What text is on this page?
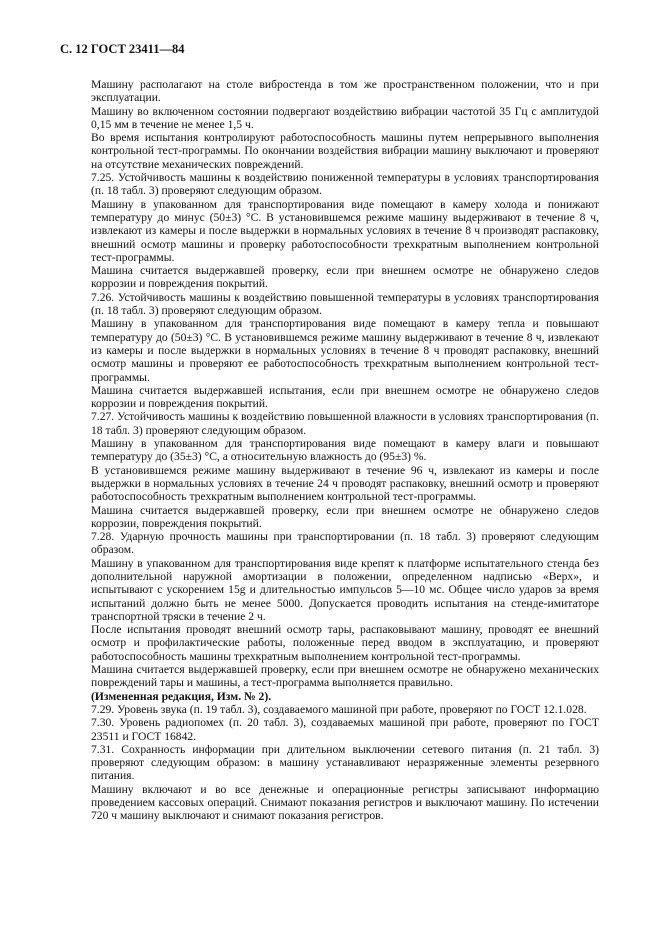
С. 12 ГОСТ 23411—84

Машину располагают на столе вибростенда в том же пространственном положении, что и при эксплуатации.

Машину во включенном состоянии подвергают воздействию вибрации частотой 35 Гц с амплитудой 0,15 мм в течение не менее 1,5 ч.

Во время испытания контролируют работоспособность машины путем непрерывного выполнения контрольной тест-программы. По окончании воздействия вибрации машину выключают и проверяют на отсутствие механических повреждений.

7.25. Устойчивость машины к воздействию пониженной температуры в условиях транспортирования (п. 18 табл. 3) проверяют следующим образом.

Машину в упакованном для транспортирования виде помещают в камеру холода и понижают температуру до минус (50±3) °С. В установившемся режиме машину выдерживают в течение 8 ч, извлекают из камеры и после выдержки в нормальных условиях в течение 8 ч производят распаковку, внешний осмотр машины и проверку работоспособности трехкратным выполнением контрольной тест-программы.

Машина считается выдержавшей проверку, если при внешнем осмотре не обнаружено следов коррозии и повреждения покрытий.

7.26. Устойчивость машины к воздействию повышенной температуры в условиях транспортирования (п. 18 табл. 3) проверяют следующим образом.

Машину в упакованном для транспортирования виде помещают в камеру тепла и повышают температуру до (50±3) °С. В установившемся режиме машину выдерживают в течение 8 ч, извлекают из камеры и после выдержки в нормальных условиях в течение 8 ч проводят распаковку, внешний осмотр машины и проверяют ее работоспособность трехкратным выполнением контрольной тест-программы.

Машина считается выдержавшей испытания, если при внешнем осмотре не обнаружено следов коррозии и повреждения покрытий.

7.27. Устойчивость машины к воздействию повышенной влажности в условиях транспортирования (п. 18 табл. 3) проверяют следующим образом.

Машину в упакованном для транспортирования виде помещают в камеру влаги и повышают температуру до (35±3) °С, а относительную влажность до (95±3) %.

В установившемся режиме машину выдерживают в течение 96 ч, извлекают из камеры и после выдержки в нормальных условиях в течение 24 ч проводят распаковку, внешний осмотр и проверяют работоспособность трехкратным выполнением контрольной тест-программы.

Машина считается выдержавшей проверку, если при внешнем осмотре не обнаружено следов коррозии, повреждения покрытий.

7.28. Ударную прочность машины при транспортировании (п. 18 табл. 3) проверяют следующим образом.

Машину в упакованном для транспортирования виде крепят к платформе испытательного стенда без дополнительной наружной амортизации в положении, определенном надписью «Верх», и испытывают с ускорением 15g и длительностью импульсов 5—10 мс. Общее число ударов за время испытаний должно быть не менее 5000. Допускается проводить испытания на стенде-имитаторе транспортной тряски в течение 2 ч.

После испытания проводят внешний осмотр тары, распаковывают машину, проводят ее внешний осмотр и профилактические работы, положенные перед вводом в эксплуатацию, и проверяют работоспособность машины трехкратным выполнением контрольной тест-программы.

Машина считается выдержавшей проверку, если при внешнем осмотре не обнаружено механических повреждений тары и машины, а тест-программа выполняется правильно.

(Измененная редакция, Изм. № 2).

7.29. Уровень звука (п. 19 табл. 3), создаваемого машиной при работе, проверяют по ГОСТ 12.1.028.

7.30. Уровень радиопомех (п. 20 табл. 3), создаваемых машиной при работе, проверяют по ГОСТ 23511 и ГОСТ 16842.

7.31. Сохранность информации при длительном выключении сетевого питания (п. 21 табл. 3) проверяют следующим образом: в машину устанавливают неразряженные элементы резервного питания.

Машину включают и во все денежные и операционные регистры записывают информацию проведением кассовых операций. Снимают показания регистров и выключают машину. По истечении 720 ч машину выключают и снимают показания регистров.
